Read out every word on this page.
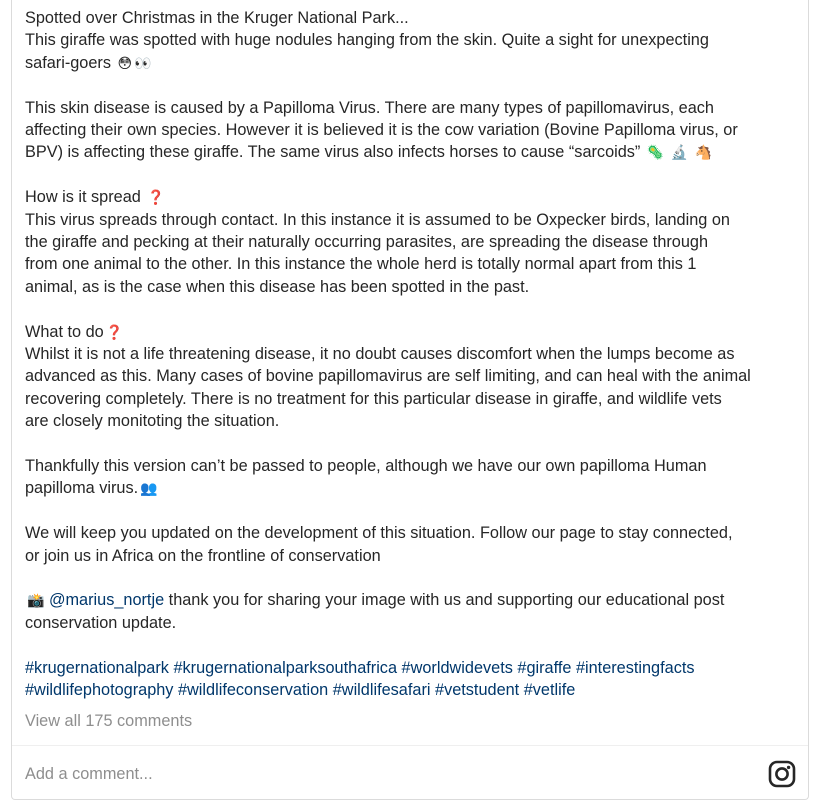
Spotted over Christmas in the Kruger National Park...
This giraffe was spotted with huge nodules hanging from the skin. Quite a sight for unexpecting
safari-goers 😳 👀

This skin disease is caused by a Papilloma Virus. There are many types of papillomavirus, each
affecting their own species. However it is believed it is the cow variation (Bovine Papilloma virus, or
BPV) is affecting these giraffe. The same virus also infects horses to cause “sarcoids” 🦠 🔬 🐴

How is it spread ❓
This virus spreads through contact. In this instance it is assumed to be Oxpecker birds, landing on
the giraffe and pecking at their naturally occurring parasites, are spreading the disease through
from one animal to the other. In this instance the whole herd is totally normal apart from this 1
animal, as is the case when this disease has been spotted in the past.

What to do ❓
Whilst it is not a life threatening disease, it no doubt causes discomfort when the lumps become as
advanced as this. Many cases of bovine papillomavirus are self limiting, and can heal with the animal
recovering completely. There is no treatment for this particular disease in giraffe, and wildlife vets
are closely monitoting the situation.

Thankfully this version can’t be passed to people, although we have our own papilloma Human
papilloma virus. 👥

We will keep you updated on the development of this situation. Follow our page to stay connected,
or join us in Africa on the frontline of conservation

📸 @marius_nortje thank you for sharing your image with us and supporting our educational post
conservation update.

#krugernationalpark #krugernationalparksouthafrica #worldwidevets #giraffe #interestingfacts
#wildlifephotography #wildlifeconservation #wildlifesafari #vetstudent #vetlife

View all 175 comments
Add a comment...
